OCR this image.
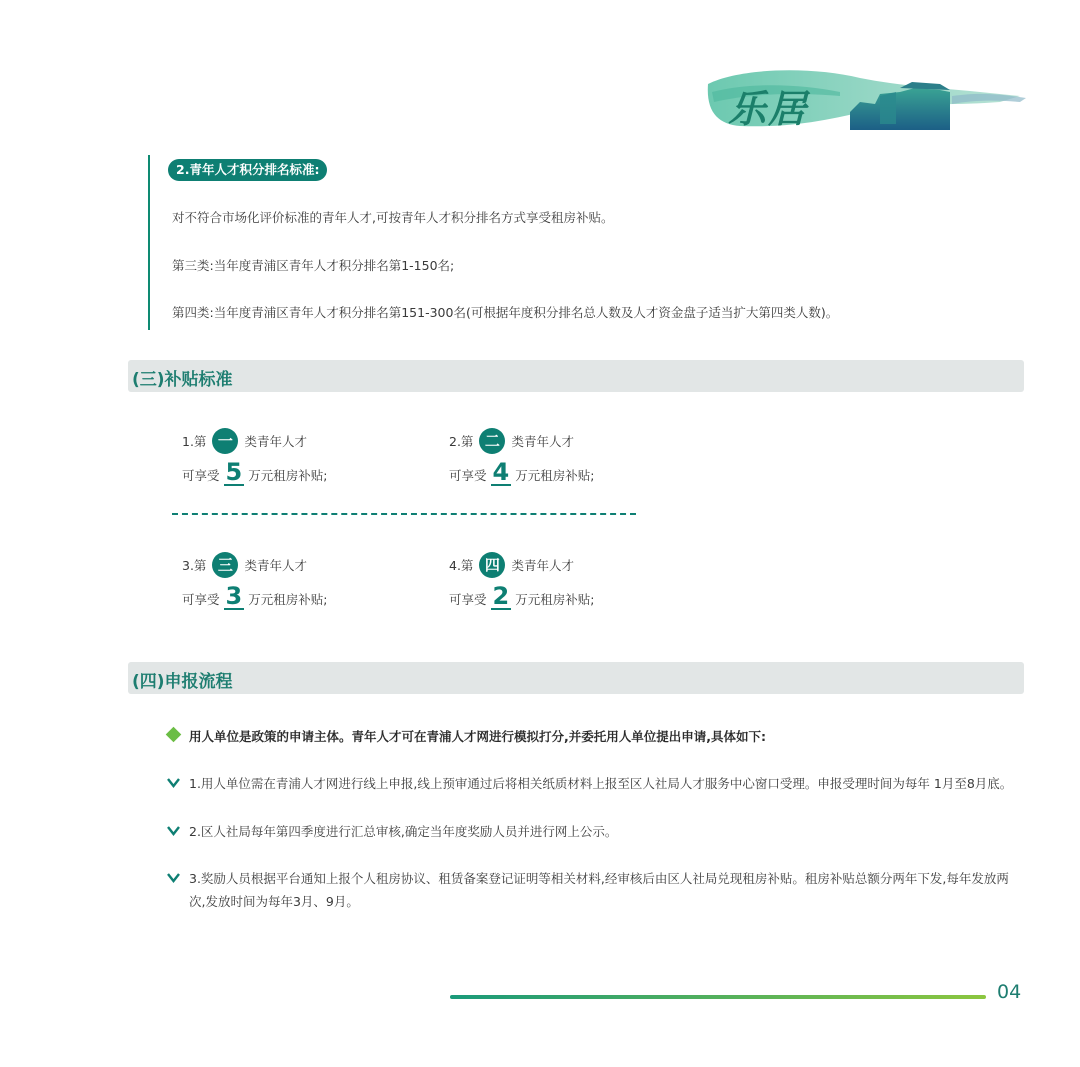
乐居
2.青年人才积分排名标准:
对不符合市场化评价标准的青年人才,可按青年人才积分排名方式享受租房补贴。
第三类:当年度青浦区青年人才积分排名第1-150名;
第四类:当年度青浦区青年人才积分排名第151-300名(可根据年度积分排名总人数及人才资金盘子适当扩大第四类人数)。
(三)补贴标准
1.第 一 类青年人才
可享受 5 万元租房补贴;
2.第 二 类青年人才
可享受 4 万元租房补贴;
3.第 三 类青年人才
可享受 3 万元租房补贴;
4.第 四 类青年人才
可享受 2 万元租房补贴;
(四)申报流程
用人单位是政策的申请主体。青年人才可在青浦人才网进行模拟打分,并委托用人单位提出申请,具体如下:
1.用人单位需在青浦人才网进行线上申报,线上预审通过后将相关纸质材料上报至区人社局人才服务中心窗口受理。申报受理时间为每年 1月至8月底。
2.区人社局每年第四季度进行汇总审核,确定当年度奖励人员并进行网上公示。
3.奖励人员根据平台通知上报个人租房协议、租赁备案登记证明等相关材料,经审核后由区人社局兑现租房补贴。租房补贴总额分两年下发,每年发放两
次,发放时间为每年3月、9月。
04
